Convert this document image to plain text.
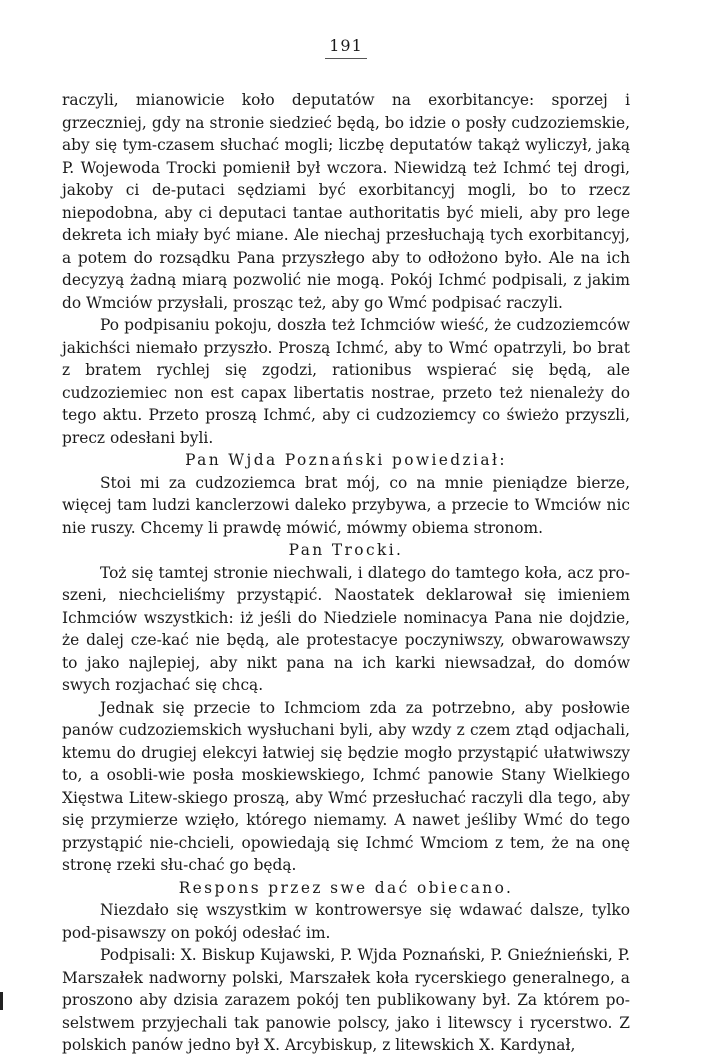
191

raczyli, mianowicie koło deputatów na exorbitancye: sporzej i grzeczniej, gdy na stronie siedzieć będą, bo idzie o posły cudzoziemskie, aby się tym-czasem słuchać mogli; liczbę deputatów takąż wyliczył, jaką P. Wojewoda Trocki pomienił był wczora. Niewidzą też Ichmć tej drogi, jakoby ci de-putaci sędziami być exorbitancyj mogli, bo to rzecz niepodobna, aby ci deputaci tantae authoritatis być mieli, aby pro lege dekreta ich miały być miane. Ale niechaj przesłuchają tych exorbitancyj, a potem do rozsądku Pana przyszłego aby to odłożono było. Ale na ich decyzyą żadną miarą pozwolić nie mogą. Pokój Ichmć podpisali, z jakim do Wmciów przysłali, prosząc też, aby go Wmć podpisać raczyli.

Po podpisaniu pokoju, doszła też Ichmciów wieść, że cudzoziemców jakichści niemało przyszło. Proszą Ichmć, aby to Wmć opatrzyli, bo brat z bratem rychlej się zgodzi, rationibus wspierać się będą, ale cudzoziemiec non est capax libertatis nostrae, przeto też nienależy do tego aktu. Przeto proszą Ichmć, aby ci cudzoziemcy co świeżo przyszli, precz odesłani byli.

Pan Wjda Poznański powiedział:

Stoi mi za cudzoziemca brat mój, co na mnie pieniądze bierze, więcej tam ludzi kanclerzowi daleko przybywa, a przecie to Wmciów nic nie ruszy. Chcemy li prawdę mówić, mówmy obiema stronom.

Pan Trocki.

Toż się tamtej stronie niechwali, i dlatego do tamtego koła, acz pro-szeni, niechcieliśmy przystąpić. Naostatek deklarował się imieniem Ichmciów wszystkich: iż jeśli do Niedziele nominacya Pana nie dojdzie, że dalej cze-kać nie będą, ale protestacye poczyniwszy, obwarowawszy to jako najlepiej, aby nikt pana na ich karki niewsadzał, do domów swych rozjachać się chcą.

Jednak się przecie to Ichmciom zda za potrzebno, aby posłowie panów cudzoziemskich wysłuchani byli, aby wzdy z czem ztąd odjachali, ktemu do drugiej elekcyi łatwiej się będzie mogło przystąpić ułatwiwszy to, a osobli-wie posła moskiewskiego, Ichmć panowie Stany Wielkiego Xięstwa Litew-skiego proszą, aby Wmć przesłuchać raczyli dla tego, aby się przymierze wzięło, którego niemamy. A nawet jeśliby Wmć do tego przystąpić nie-chcieli, opowiedają się Ichmć Wmciom z tem, że na onę stronę rzeki słu-chać go będą.

Respons przez swe dać obiecano.

Niezdało się wszystkim w kontrowersye się wdawać dalsze, tylko pod-pisawszy on pokój odesłać im.

Podpisali: X. Biskup Kujawski, P. Wjda Poznański, P. Gnieźnieński, P. Marszałek nadworny polski, Marszałek koła rycerskiego generalnego, a proszono aby dzisia zarazem pokój ten publikowany był. Za którem po-selstwem przyjechali tak panowie polscy, jako i litewscy i rycerstwo. Z polskich panów jedno był X. Arcybiskup, z litewskich X. Kardynał,
